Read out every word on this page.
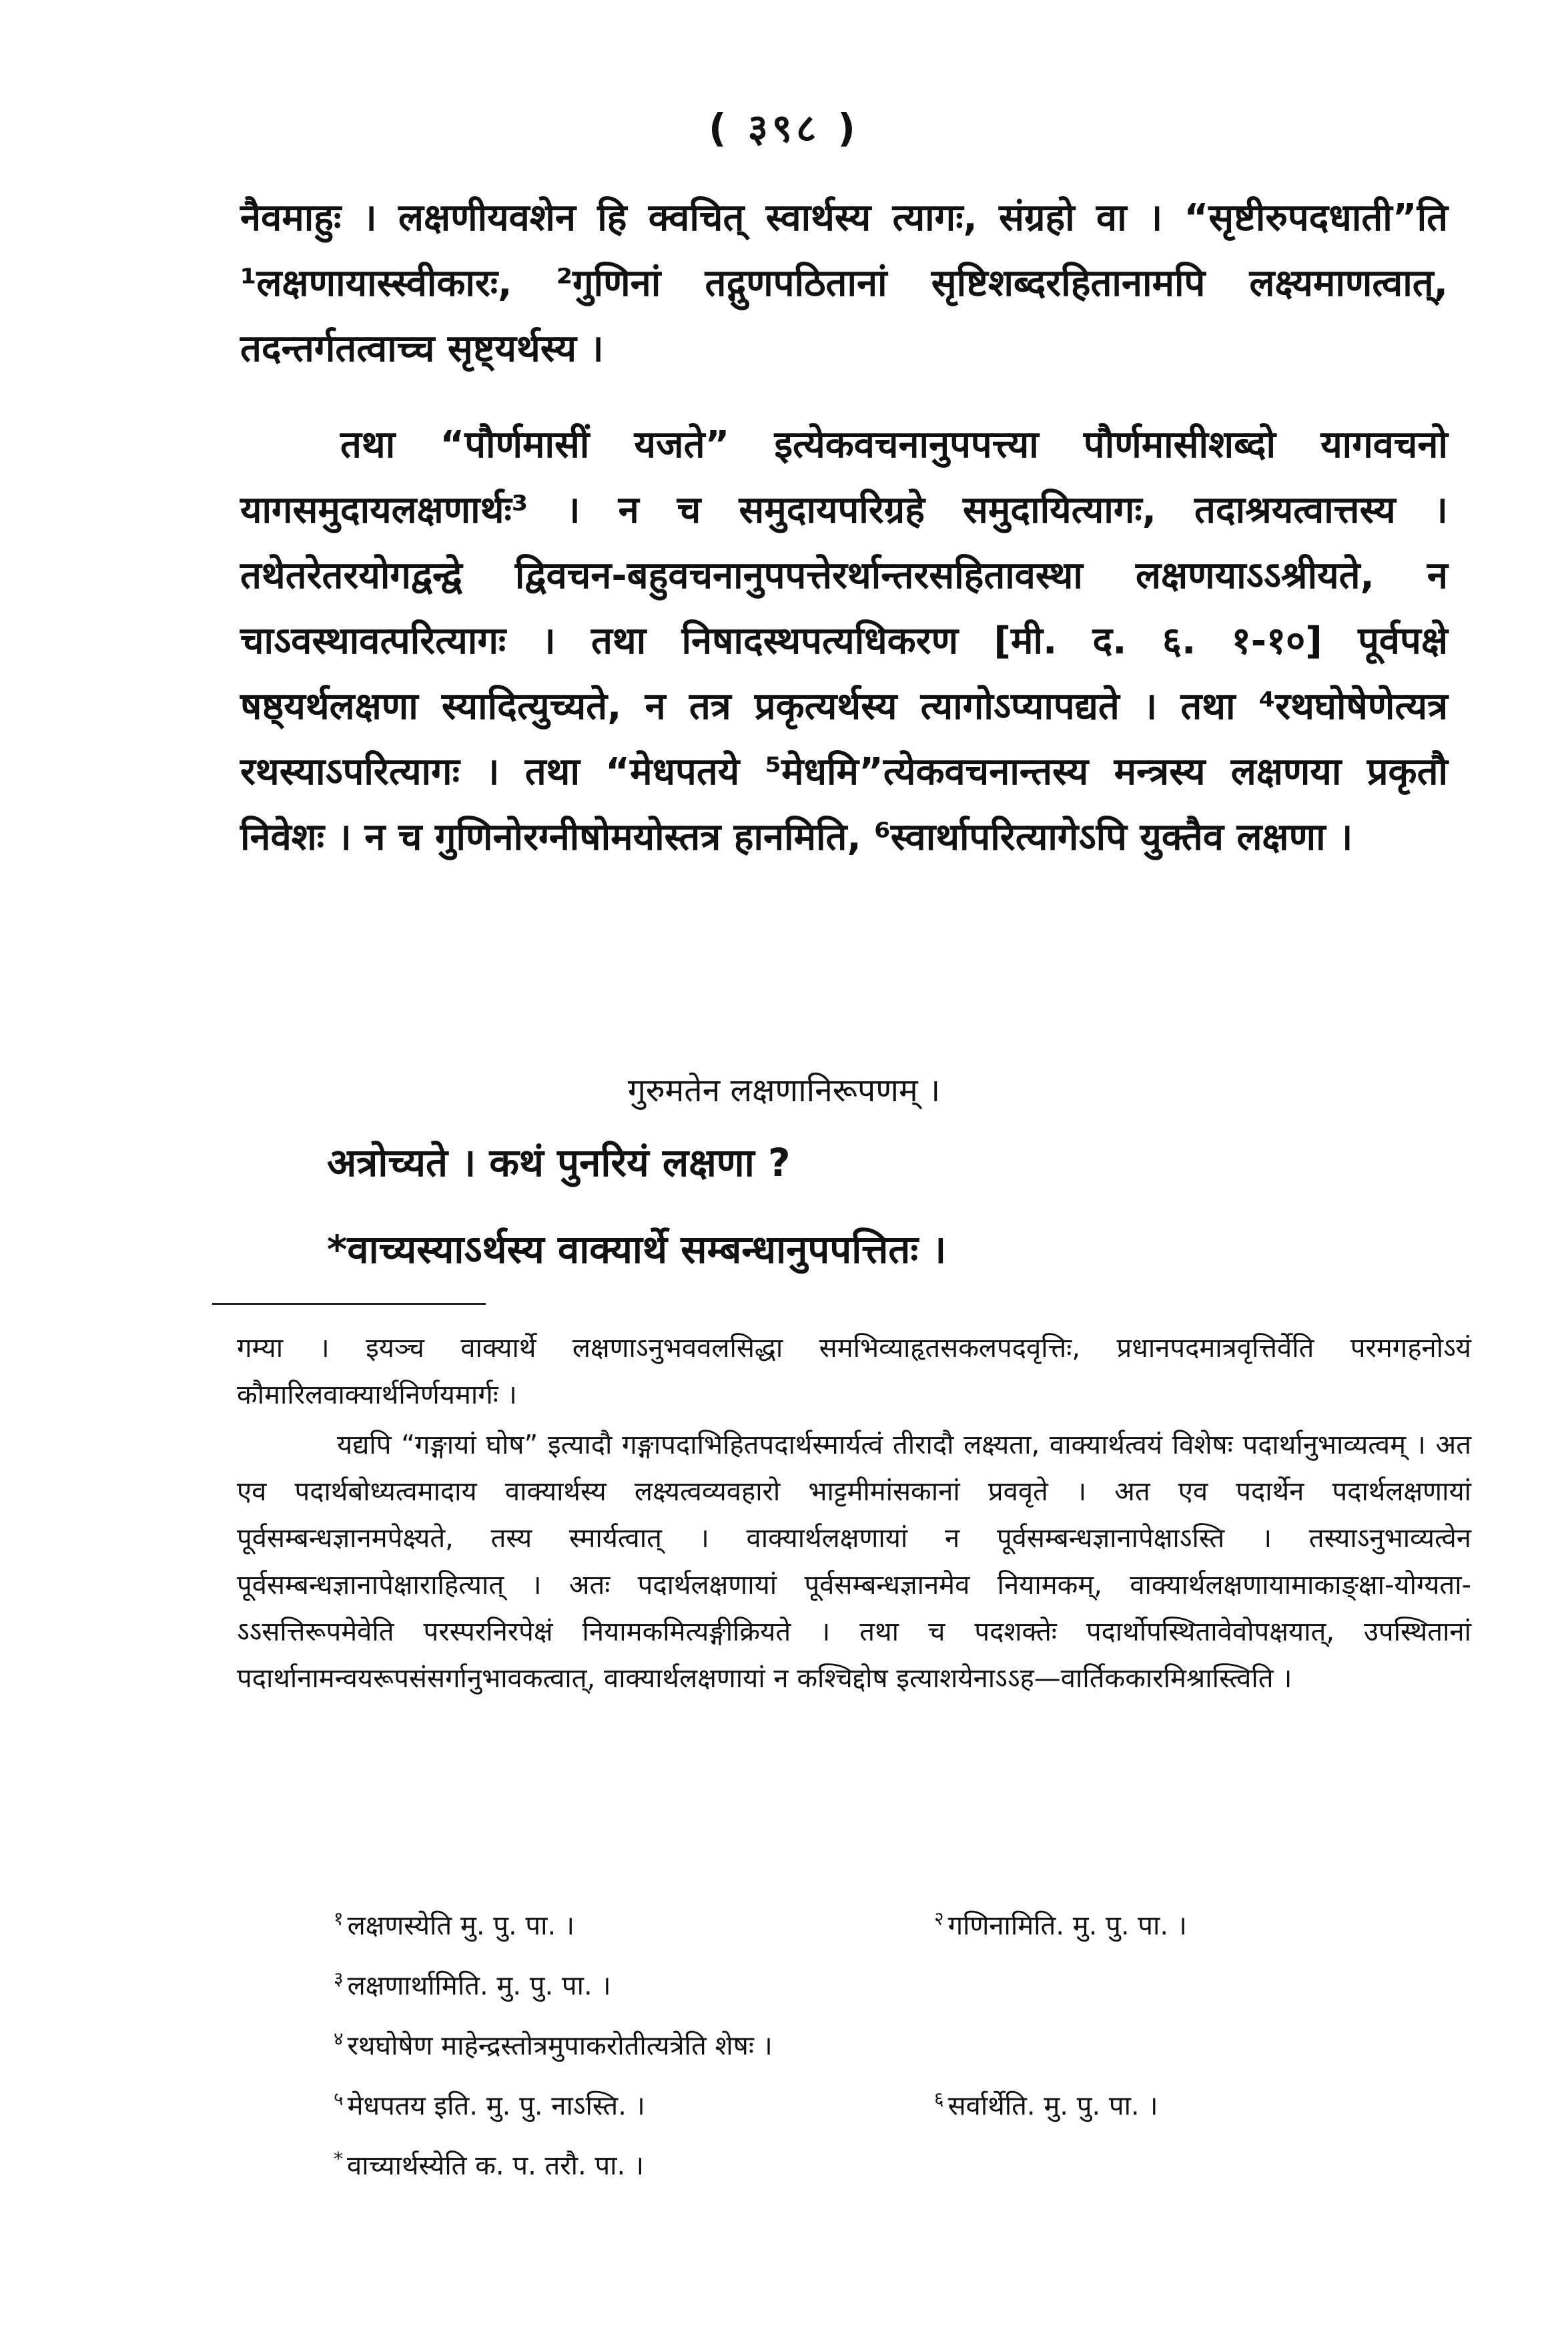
( ३९८ )

नैवमाहुः । लक्षणीयवशेन हि क्वचित् स्वार्थस्य त्यागः, संग्रहो वा । “सृष्टीरुपदधाती”ति ¹लक्षणायास्स्वीकारः, ²गुणिनां तद्गुणपठितानां सृष्टिशब्दरहितानामपि लक्ष्यमाणत्वात्, तदन्तर्गतत्वाच्च सृष्ट्यर्थस्य ।

तथा “पौर्णमासीं यजते” इत्येकवचनानुपपत्त्या पौर्णमासीशब्दो यागवचनो यागसमुदायलक्षणार्थः³ । न च समुदायपरिग्रहे समुदायित्यागः, तदाश्रयत्वात्तस्य । तथेतरेतरयोगद्वन्द्वे द्विवचन-बहुवचनानुपपत्तेरर्थान्तरसहितावस्था लक्षणयाऽऽश्रीयते, न चाऽवस्थावत्परित्यागः । तथा निषादस्थपत्यधिकरण [मी. द. ६. १-१०] पूर्वपक्षे षष्ठ्यर्थलक्षणा स्यादित्युच्यते, न तत्र प्रकृत्यर्थस्य त्यागोऽप्यापद्यते । तथा ⁴रथघोषेणेत्यत्र रथस्याऽपरित्यागः । तथा “मेधपतये ⁵मेधमि”त्येकवचनान्तस्य मन्त्रस्य लक्षणया प्रकृतौ निवेशः । न च गुणिनोरग्नीषोमयोस्तत्र हानमिति, ⁶स्वार्थापरित्यागेऽपि युक्तैव लक्षणा ।

गुरुमतेन लक्षणानिरूपणम् ।
अत्रोच्यते । कथं पुनरियं लक्षणा ?
*वाच्यस्याऽर्थस्य वाक्यार्थे सम्बन्धानुपपत्तितः ।

गम्या । इयञ्च वाक्यार्थे लक्षणाऽनुभववलसिद्धा समभिव्याहृतसकलपदवृत्तिः, प्रधानपदमात्रवृत्तिर्वेति परमगहनोऽयं कौमारिलवाक्यार्थनिर्णयमार्गः ।

यद्यपि “गङ्गायां घोष” इत्यादौ गङ्गापदाभिहितपदार्थस्मार्यत्वं तीरादौ लक्ष्यता, वाक्यार्थत्वयं विशेषः पदार्थानुभाव्यत्वम् । अत एव पदार्थबोध्यत्वमादाय वाक्यार्थस्य लक्ष्यत्वव्यवहारो भाट्टमीमांसकानां प्रववृते । अत एव पदार्थेन पदार्थलक्षणायां पूर्वसम्बन्धज्ञानमपेक्ष्यते, तस्य स्मार्यत्वात् । वाक्यार्थलक्षणायां न पूर्वसम्बन्धज्ञानापेक्षाऽस्ति । तस्याऽनुभाव्यत्वेन पूर्वसम्बन्धज्ञानापेक्षाराहित्यात् । अतः पदार्थलक्षणायां पूर्वसम्बन्धज्ञानमेव नियामकम्, वाक्यार्थलक्षणायामाकाङ्क्षा-योग्यता-ऽऽसत्तिरूपमेवेति परस्परनिरपेक्षं नियामकमित्यङ्गीक्रियते । तथा च पदशक्तेः पदार्थोपस्थितावेवोपक्षयात्, उपस्थितानां पदार्थानामन्वयरूपसंसर्गानुभावकत्वात्, वाक्यार्थलक्षणायां न कश्चिद्दोष इत्याशयेनाऽऽह—वार्तिककारमिश्रास्त्विति ।

$^१$ लक्षणस्येति मु. पु. पा. ।	$^२$ गणिनामिति. मु. पु. पा. ।
$^३$ लक्षणार्थामिति. मु. पु. पा. ।
$^४$ रथघोषेण माहेन्द्रस्तोत्रमुपाकरोतीत्यत्रेति शेषः ।
$^५$ मेधपतय इति. मु. पु. नाऽस्ति. ।	$^६$ सर्वार्थेति. मु. पु. पा. ।
* वाच्यार्थस्येति क. प. तरौ. पा. ।
